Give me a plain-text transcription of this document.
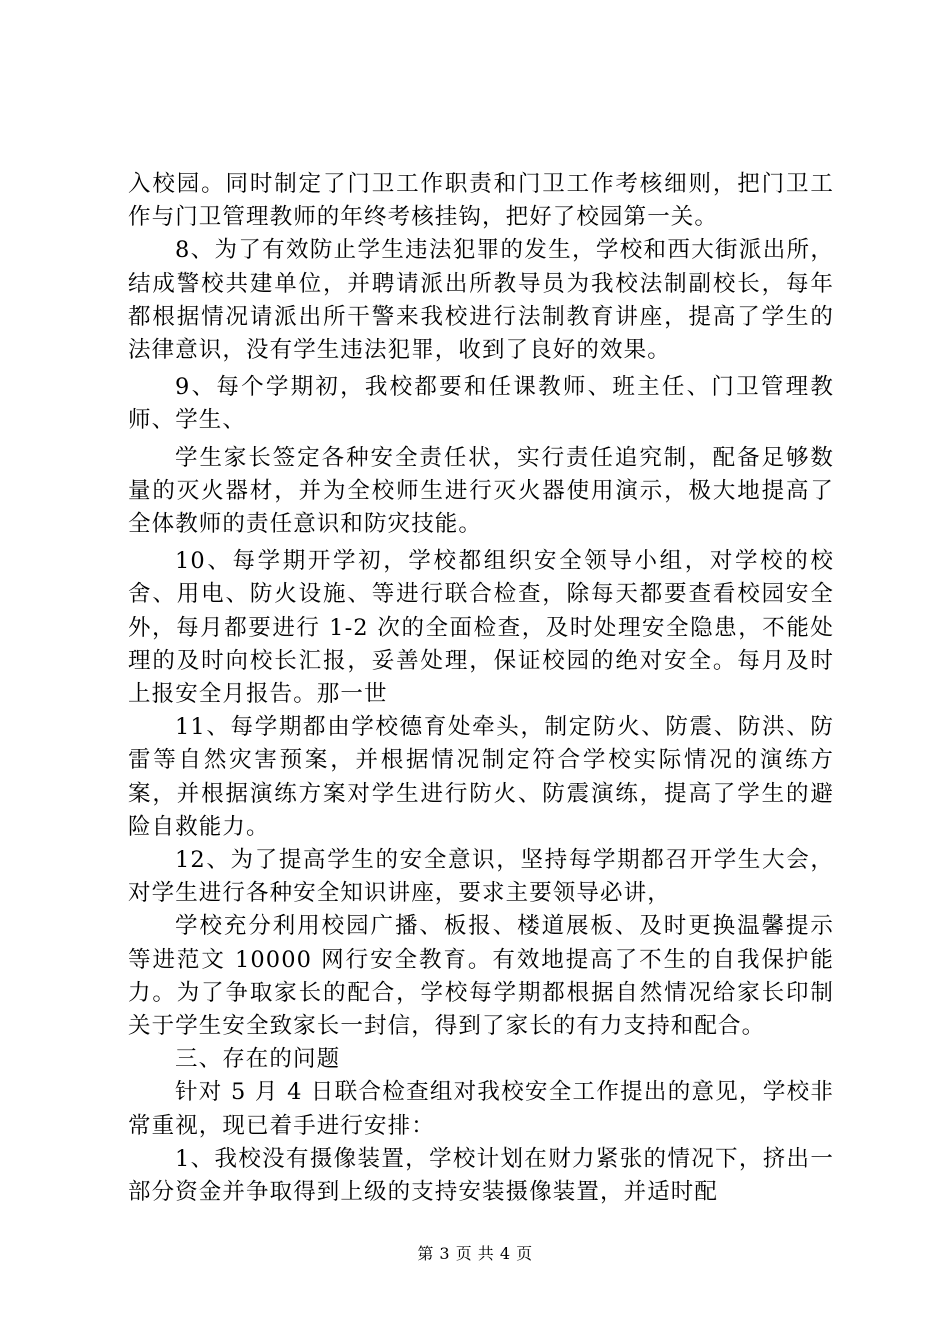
入校园。同时制定了门卫工作职责和门卫工作考核细则，把门卫工作与门卫管理教师的年终考核挂钩，把好了校园第一关。

8、为了有效防止学生违法犯罪的发生，学校和西大街派出所，结成警校共建单位，并聘请派出所教导员为我校法制副校长，每年都根据情况请派出所干警来我校进行法制教育讲座，提高了学生的法律意识，没有学生违法犯罪，收到了良好的效果。

9、每个学期初，我校都要和任课教师、班主任、门卫管理教师、学生、

学生家长签定各种安全责任状，实行责任追究制，配备足够数量的灭火器材，并为全校师生进行灭火器使用演示，极大地提高了全体教师的责任意识和防灾技能。

10、每学期开学初，学校都组织安全领导小组，对学校的校舍、用电、防火设施、等进行联合检查，除每天都要查看校园安全外，每月都要进行 1-2 次的全面检查，及时处理安全隐患，不能处理的及时向校长汇报，妥善处理，保证校园的绝对安全。每月及时上报安全月报告。那一世

11、每学期都由学校德育处牵头，制定防火、防震、防洪、防雷等自然灾害预案，并根据情况制定符合学校实际情况的演练方案，并根据演练方案对学生进行防火、防震演练，提高了学生的避险自救能力。

12、为了提高学生的安全意识，坚持每学期都召开学生大会，对学生进行各种安全知识讲座，要求主要领导必讲，

学校充分利用校园广播、板报、楼道展板、及时更换温馨提示等进范文 10000 网行安全教育。有效地提高了不生的自我保护能力。为了争取家长的配合，学校每学期都根据自然情况给家长印制关于学生安全致家长一封信，得到了家长的有力支持和配合。

三、存在的问题

针对 5 月 4 日联合检查组对我校安全工作提出的意见，学校非常重视，现已着手进行安排：

1、我校没有摄像装置，学校计划在财力紧张的情况下，挤出一部分资金并争取得到上级的支持安装摄像装置，并适时配

第 3 页 共 4 页
